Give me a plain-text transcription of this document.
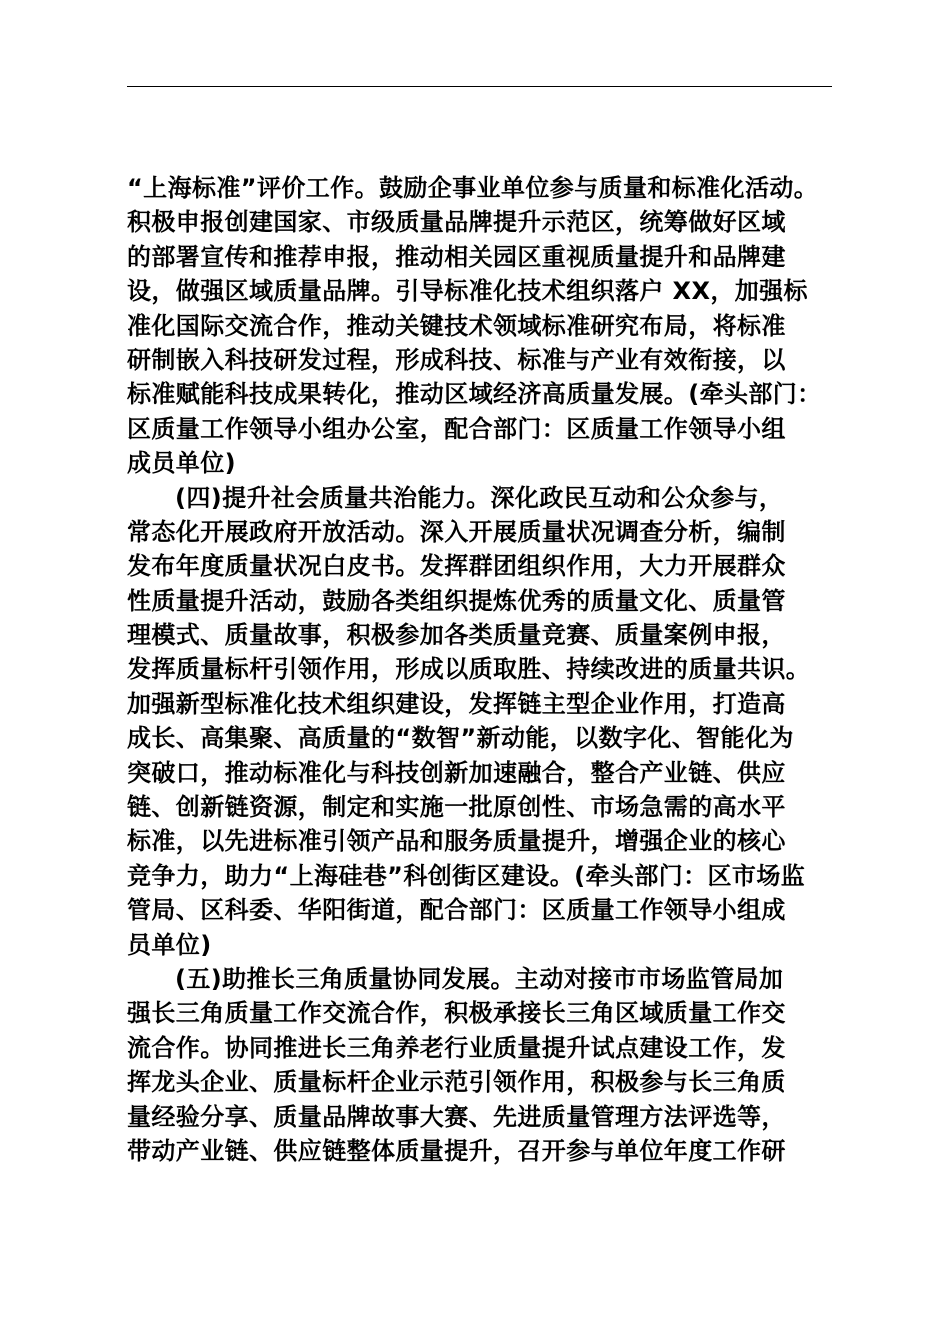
“上海标准”评价工作。鼓励企事业单位参与质量和标准化活动。
积极申报创建国家、市级质量品牌提升示范区，统筹做好区域
的部署宣传和推荐申报，推动相关园区重视质量提升和品牌建
设，做强区域质量品牌。引导标准化技术组织落户 XX，加强标
准化国际交流合作，推动关键技术领域标准研究布局，将标准
研制嵌入科技研发过程，形成科技、标准与产业有效衔接，以
标准赋能科技成果转化，推动区域经济高质量发展。(牵头部门：
区质量工作领导小组办公室，配合部门：区质量工作领导小组
成员单位)
(四)提升社会质量共治能力。深化政民互动和公众参与，
常态化开展政府开放活动。深入开展质量状况调查分析，编制
发布年度质量状况白皮书。发挥群团组织作用，大力开展群众
性质量提升活动，鼓励各类组织提炼优秀的质量文化、质量管
理模式、质量故事，积极参加各类质量竞赛、质量案例申报，
发挥质量标杆引领作用，形成以质取胜、持续改进的质量共识。
加强新型标准化技术组织建设，发挥链主型企业作用，打造高
成长、高集聚、高质量的“数智”新动能，以数字化、智能化为
突破口，推动标准化与科技创新加速融合，整合产业链、供应
链、创新链资源，制定和实施一批原创性、市场急需的高水平
标准，以先进标准引领产品和服务质量提升，增强企业的核心
竞争力，助力“上海硅巷”科创街区建设。(牵头部门：区市场监
管局、区科委、华阳街道，配合部门：区质量工作领导小组成
员单位)
(五)助推长三角质量协同发展。主动对接市市场监管局加
强长三角质量工作交流合作，积极承接长三角区域质量工作交
流合作。协同推进长三角养老行业质量提升试点建设工作，发
挥龙头企业、质量标杆企业示范引领作用，积极参与长三角质
量经验分享、质量品牌故事大赛、先进质量管理方法评选等，
带动产业链、供应链整体质量提升，召开参与单位年度工作研
